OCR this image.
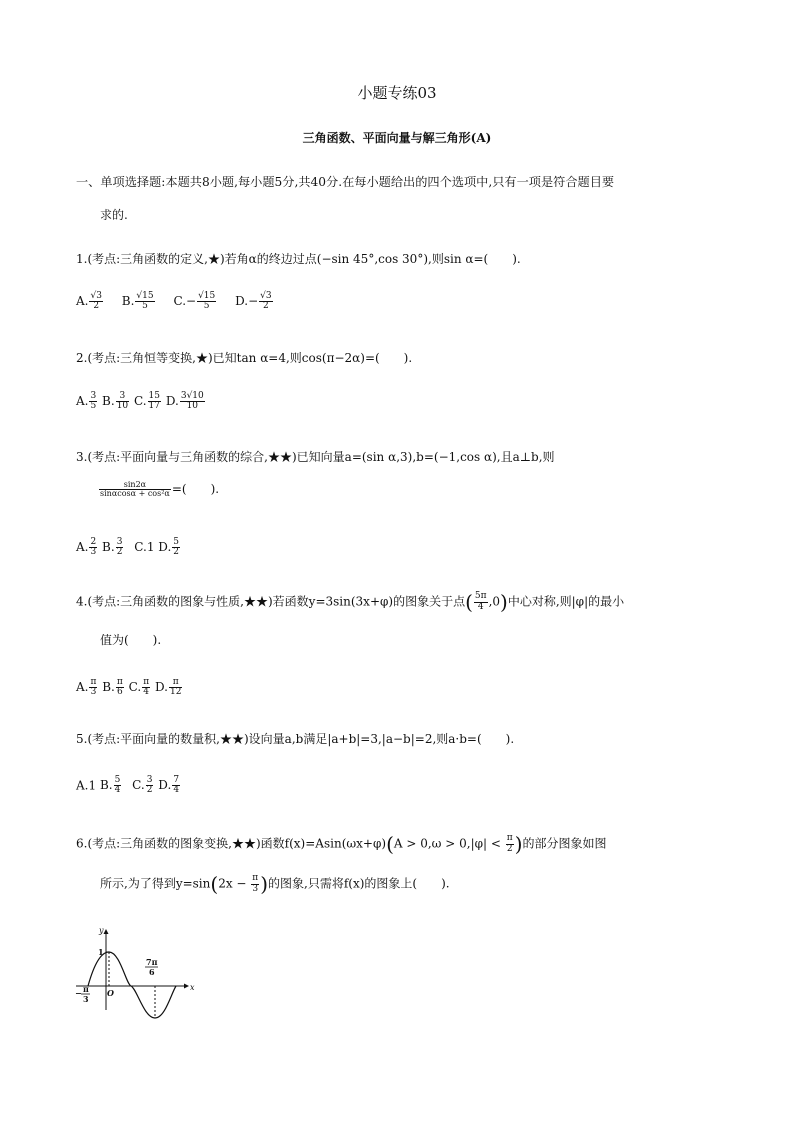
小题专练03
三角函数、平面向量与解三角形(A)
一、单项选择题:本题共8小题,每小题5分,共40分.在每小题给出的四个选项中,只有一项是符合题目要
求的.
1.(考点:三角函数的定义,★)若角α的终边过点(−sin 45°,cos 30°),则sin α=(　　).
A. $\frac{√3}{2} B$. $\frac{√15}{5} C.- \frac{√15}{5} D.- \frac{√3}{2}$
2.(考点:三角恒等变换,★)已知tan α=4,则cos(π−2α)=(　　).
A. $\frac{3}{5} B$. $\frac{3}{10} C$. $\frac{15}{17} D$. $\frac{3√10}{10}$
3.(考点:平面向量与三角函数的综合,★★)已知向量a=(sin α,3),b=(−1,cos α),且a⊥b,则
$\frac{\sin 2\alpha}{\text{sinαcosα + cos²α}}$ =(　　).
A. $\frac{2}{3} B$. $\frac{3}{2} C.1$ D. $\frac{5}{2}$
4.(考点:三角函数的图象与性质,★★)若函数y=3sin(3x+φ)的图象关于点( $\frac{5\pi}{4} ,0$)中心对称,则|φ|的最小
值为(　　).
A. $\frac{\pi}{3} B$. $\frac{\pi}{6} C$. $\frac{\pi}{4} D$. $\frac{\pi}{12}$
5.(考点:平面向量的数量积,★★)设向量a,b满足|a+b|=3,|a−b|=2,则a·b=(　　).
A.1 B. $\frac{5}{4} C$. $\frac{3}{2} D$. $\frac{7}{4}$
6.(考点:三角函数的图象变换,★★)函数$f(x)=Asin(\omega x+\varphi)(A > 0,\omega > 0,|\varphi| < \frac{\pi}{2}$ )的部分图象如图
所示,为了得到$y=\sin(2x - \frac{\pi}{3}$ )的图象,只需将f(x)的图象上(　　).
y
x
1
O
− π
3
7π
6
